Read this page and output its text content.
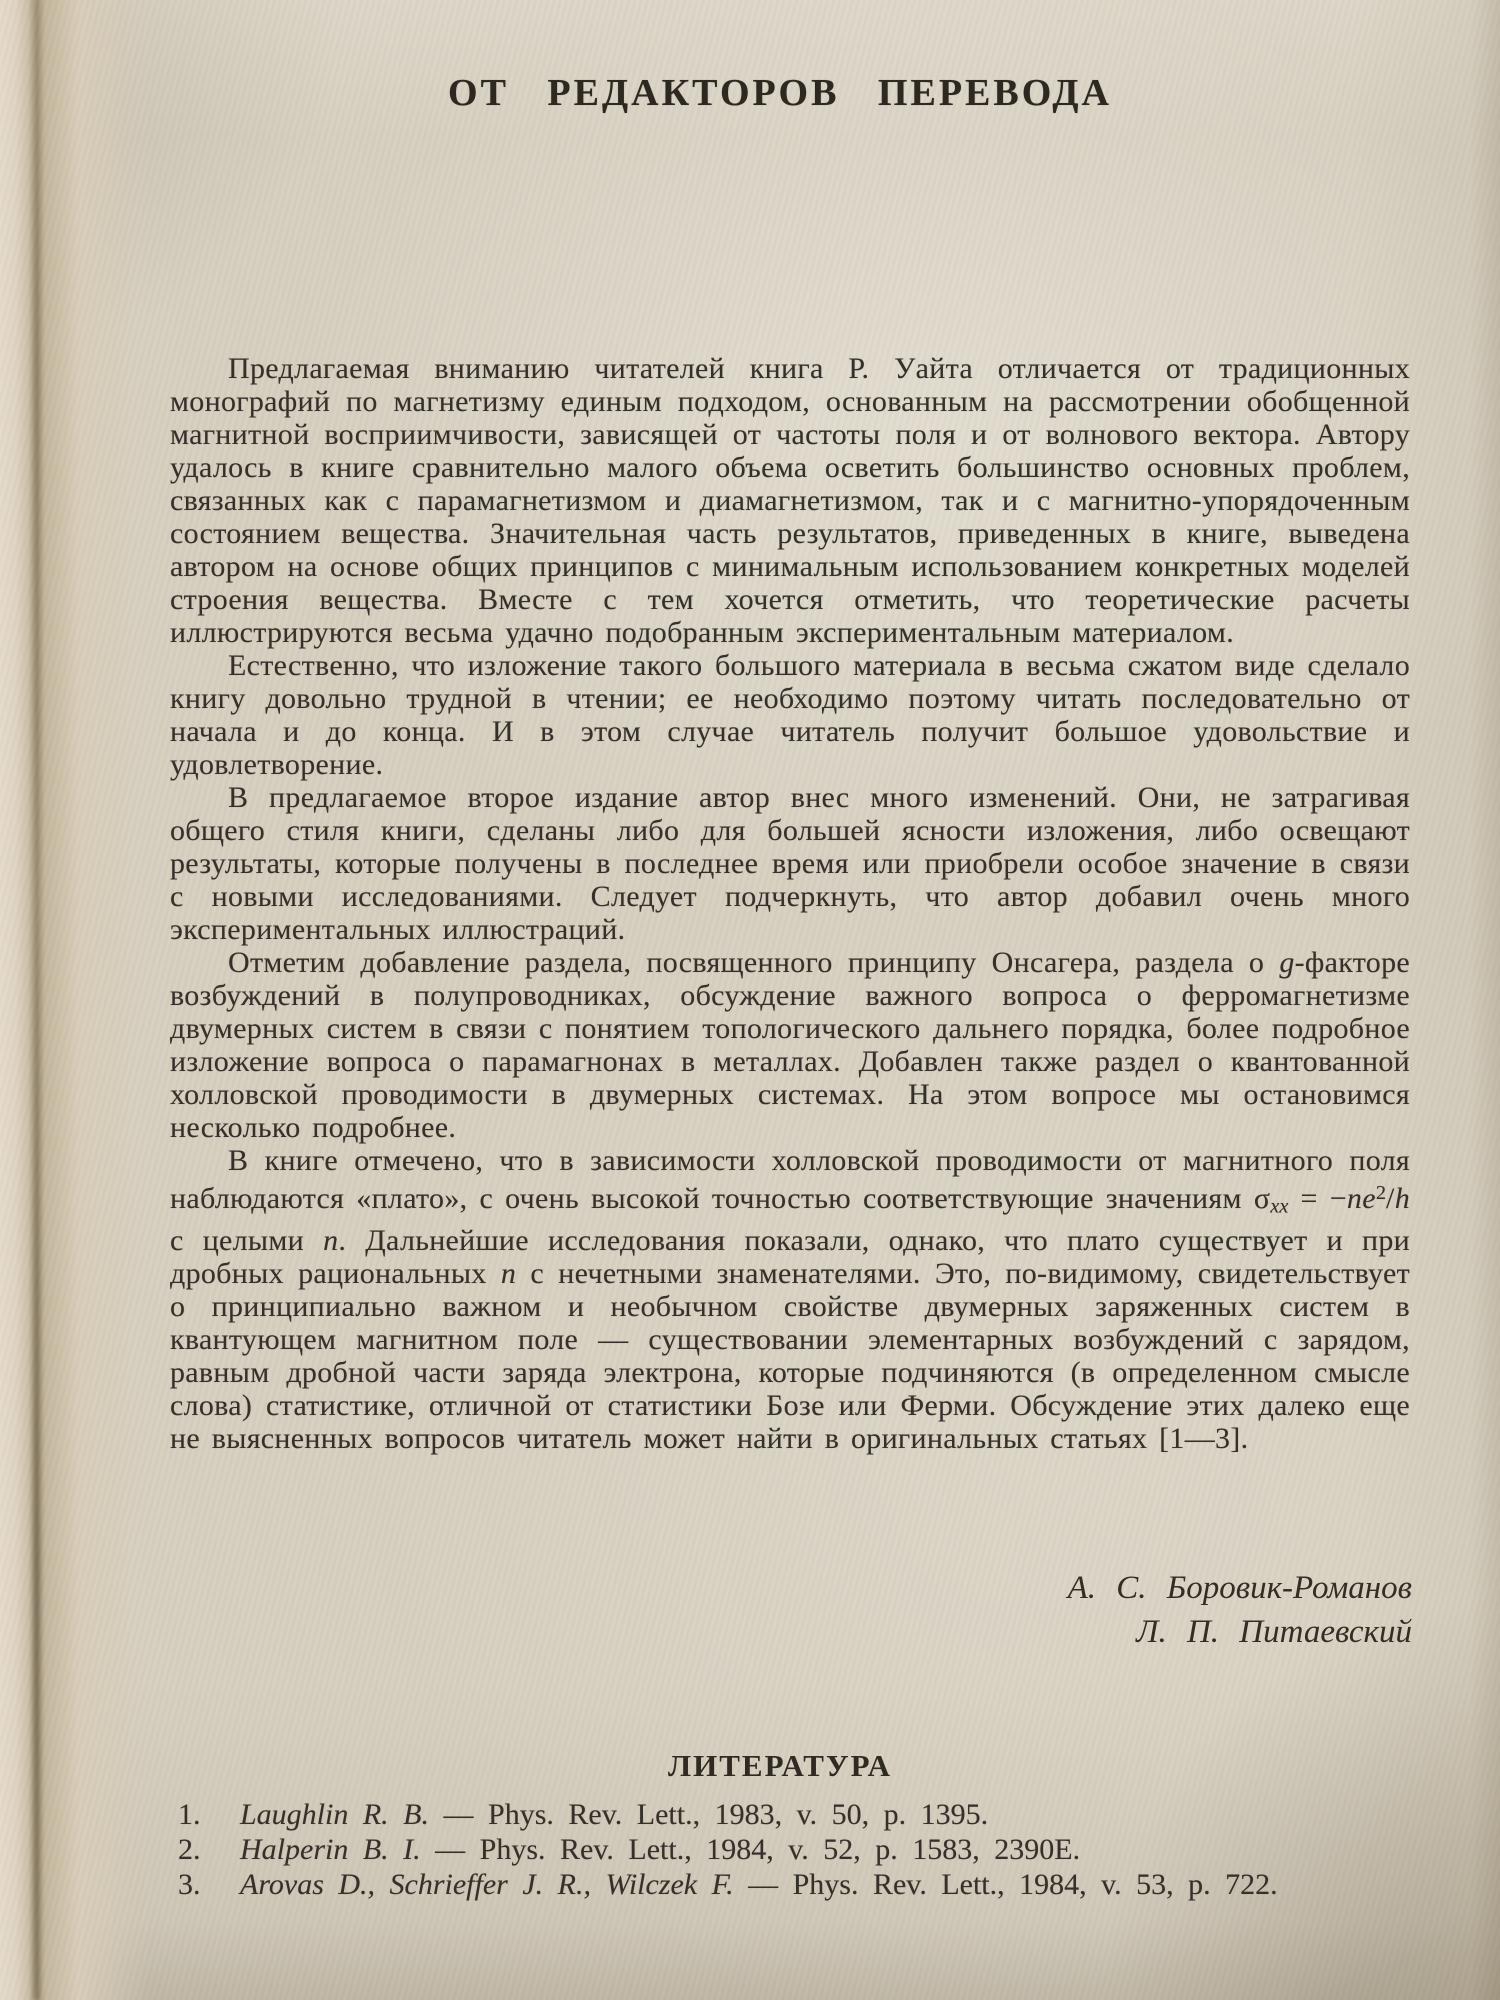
ОТ РЕДАКТОРОВ ПЕРЕВОДА

Предлагаемая вниманию читателей книга Р. Уайта отличается от традиционных монографий по магнетизму единым подходом, основанным на рассмотрении обобщенной магнитной восприимчивости, зависящей от частоты поля и от волнового вектора. Автору удалось в книге сравнительно малого объема осветить большинство основных проблем, связанных как с парамагнетизмом и диамагнетизмом, так и с магнитно-упорядоченным состоянием вещества. Значительная часть результатов, приведенных в книге, выведена автором на основе общих принципов с минимальным использованием конкретных моделей строения вещества. Вместе с тем хочется отметить, что теоретические расчеты иллюстрируются весьма удачно подобранным экспериментальным материалом.

Естественно, что изложение такого большого материала в весьма сжатом виде сделало книгу довольно трудной в чтении; ее необходимо поэтому читать последовательно от начала и до конца. И в этом случае читатель получит большое удовольствие и удовлетворение.

В предлагаемое второе издание автор внес много изменений. Они, не затрагивая общего стиля книги, сделаны либо для большей ясности изложения, либо освещают результаты, которые получены в последнее время или приобрели особое значение в связи с новыми исследованиями. Следует подчеркнуть, что автор добавил очень много экспериментальных иллюстраций.

Отметим добавление раздела, посвященного принципу Онсагера, раздела о g-факторе возбуждений в полупроводниках, обсуждение важного вопроса о ферромагнетизме двумерных систем в связи с понятием топологического дальнего порядка, более подробное изложение вопроса о парамагнонах в металлах. Добавлен также раздел о квантованной холловской проводимости в двумерных системах. На этом вопросе мы остановимся несколько подробнее.

В книге отмечено, что в зависимости холловской проводимости от магнитного поля наблюдаются «плато», с очень высокой точностью соответствующие значениям $\sigma_{xx} = -ne^2/h$ с целыми n. Дальнейшие исследования показали, однако, что плато существует и при дробных рациональных n с нечетными знаменателями. Это, по-видимому, свидетельствует о принципиально важном и необычном свойстве двумерных заряженных систем в квантующем магнитном поле — существовании элементарных возбуждений с зарядом, равным дробной части заряда электрона, которые подчиняются (в определенном смысле слова) статистике, отличной от статистики Бозе или Ферми. Обсуждение этих далеко еще не выясненных вопросов читатель может найти в оригинальных статьях [1—3].

А. С. Боровик-Романов
Л. П. Питаевский
ЛИТЕРАТУРА
1. Laughlin R. B. — Phys. Rev. Lett., 1983, v. 50, p. 1395.
2. Halperin B. I. — Phys. Rev. Lett., 1984, v. 52, p. 1583, 2390E.
3. Arovas D., Schrieffer J. R., Wilczek F. — Phys. Rev. Lett., 1984, v. 53, p. 722.
